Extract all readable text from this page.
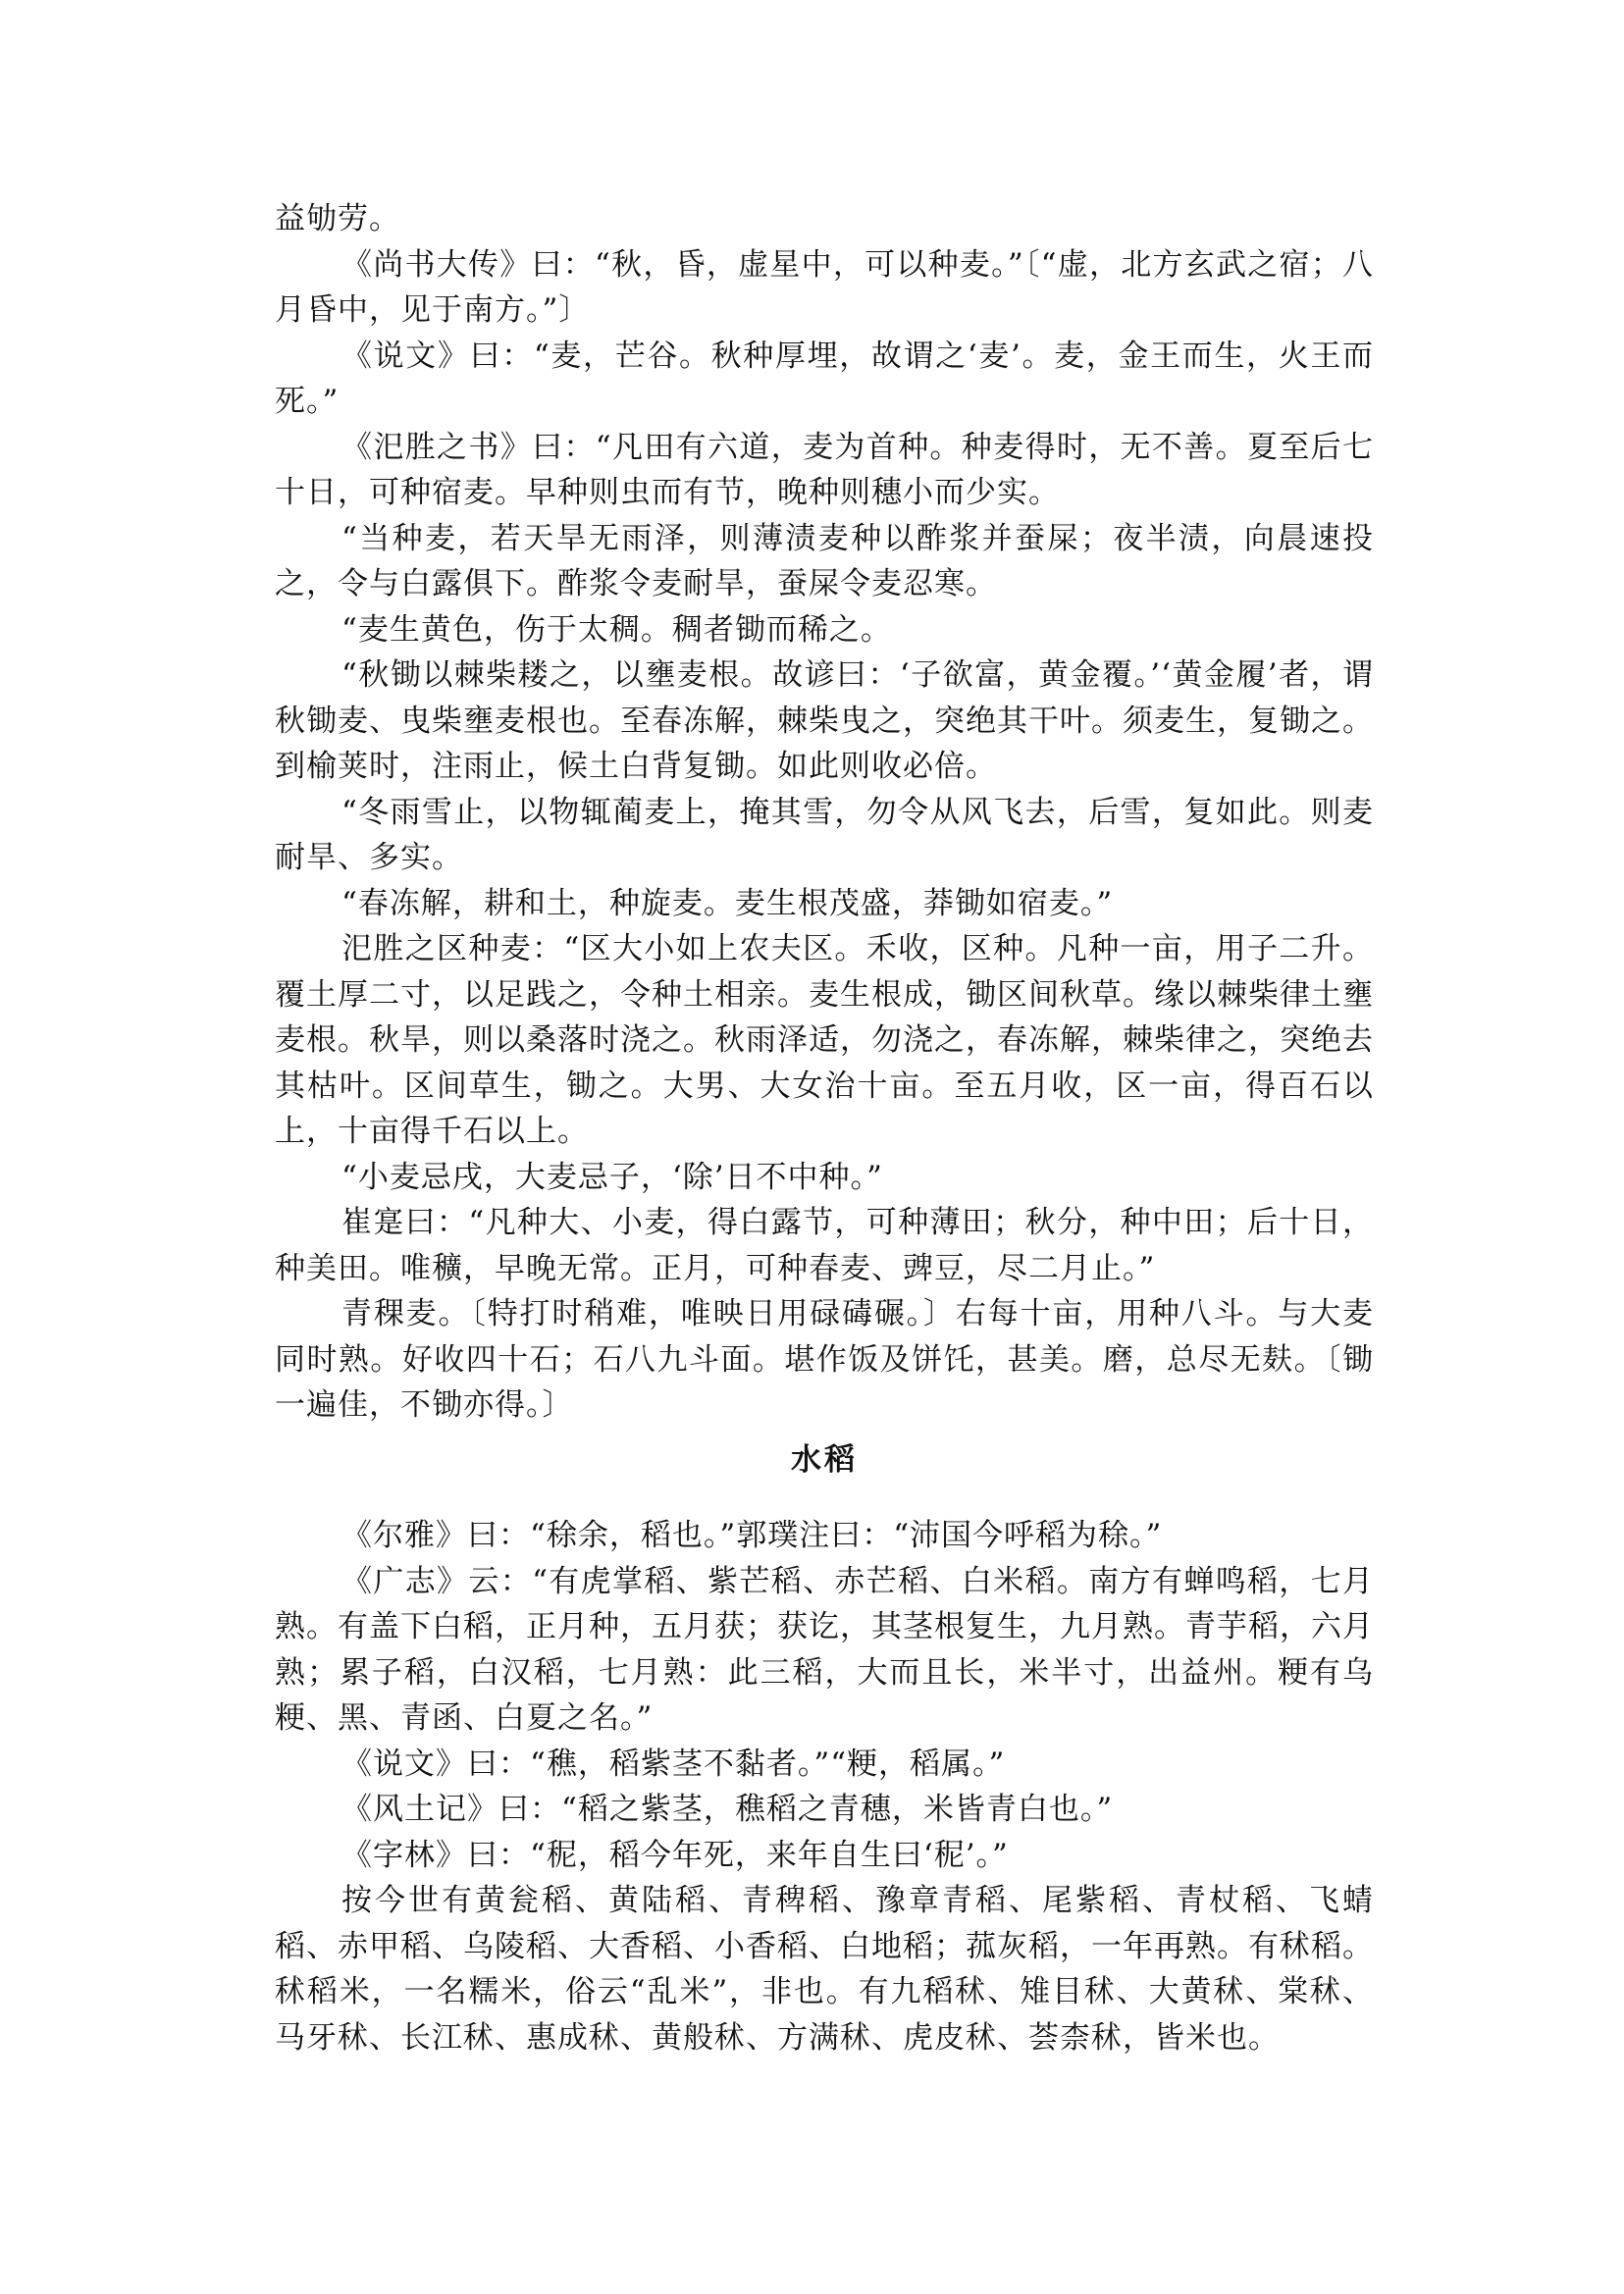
益劬劳。

《尚书大传》曰：“秋，昏，虚星中，可以种麦。”〔“虚，北方玄武之宿；八月昏中，见于南方。”〕

《说文》曰：“麦，芒谷。秋种厚埋，故谓之‘麦’。麦，金王而生，火王而死。”

《汜胜之书》曰：“凡田有六道，麦为首种。种麦得时，无不善。夏至后七十日，可种宿麦。早种则虫而有节，晚种则穗小而少实。

“当种麦，若天旱无雨泽，则薄渍麦种以酢浆并蚕屎；夜半渍，向晨速投之，令与白露俱下。酢浆令麦耐旱，蚕屎令麦忍寒。

“麦生黄色，伤于太稠。稠者锄而稀之。

“秋锄以棘柴耧之，以壅麦根。故谚曰：‘子欲富，黄金覆。’‘黄金履’者，谓秋锄麦、曳柴壅麦根也。至春冻解，棘柴曳之，突绝其干叶。须麦生，复锄之。到榆荚时，注雨止，候土白背复锄。如此则收必倍。

“冬雨雪止，以物辄蔺麦上，掩其雪，勿令从风飞去，后雪，复如此。则麦耐旱、多实。

“春冻解，耕和土，种旋麦。麦生根茂盛，莽锄如宿麦。”

汜胜之区种麦：“区大小如上农夫区。禾收，区种。凡种一亩，用子二升。覆土厚二寸，以足践之，令种土相亲。麦生根成，锄区间秋草。缘以棘柴律土壅麦根。秋旱，则以桑落时浇之。秋雨泽适，勿浇之，春冻解，棘柴律之，突绝去其枯叶。区间草生，锄之。大男、大女治十亩。至五月收，区一亩，得百石以上，十亩得千石以上。

“小麦忌戌，大麦忌子，‘除’日不中种。”

崔寔曰：“凡种大、小麦，得白露节，可种薄田；秋分，种中田；后十日，种美田。唯穬，早晚无常。正月，可种春麦、豍豆，尽二月止。”

青稞麦。〔特打时稍难，唯映日用碌碡碾。〕右每十亩，用种八斗。与大麦同时熟。好收四十石；石八九斗面。堪作饭及饼饦，甚美。磨，总尽无麸。〔锄一遍佳，不锄亦得。〕

水稻

《尔雅》曰：“稌余，稻也。”郭璞注曰：“沛国今呼稻为稌。”

《广志》云：“有虎掌稻、紫芒稻、赤芒稻、白米稻。南方有蝉鸣稻，七月熟。有盖下白稻，正月种，五月获；获讫，其茎根复生，九月熟。青芋稻，六月熟；累子稻，白汉稻，七月熟：此三稻，大而且长，米半寸，出益州。粳有乌粳、黑、青函、白夏之名。”

《说文》曰：“穛，稻紫茎不黏者。”“粳，稻属。”

《风土记》曰：“稻之紫茎，穛稻之青穗，米皆青白也。”

《字林》曰：“秜，稻今年死，来年自生曰‘秜’。”

按今世有黄瓮稻、黄陆稻、青稗稻、豫章青稻、尾紫稻、青杖稻、飞蜻稻、赤甲稻、乌陵稻、大香稻、小香稻、白地稻；菰灰稻，一年再熟。有秫稻。秫稻米，一名糯米，俗云“乱米”，非也。有九稻秫、雉目秫、大黄秫、棠秫、马牙秫、长江秫、惠成秫、黄般秫、方满秫、虎皮秫、荟柰秫，皆米也。
